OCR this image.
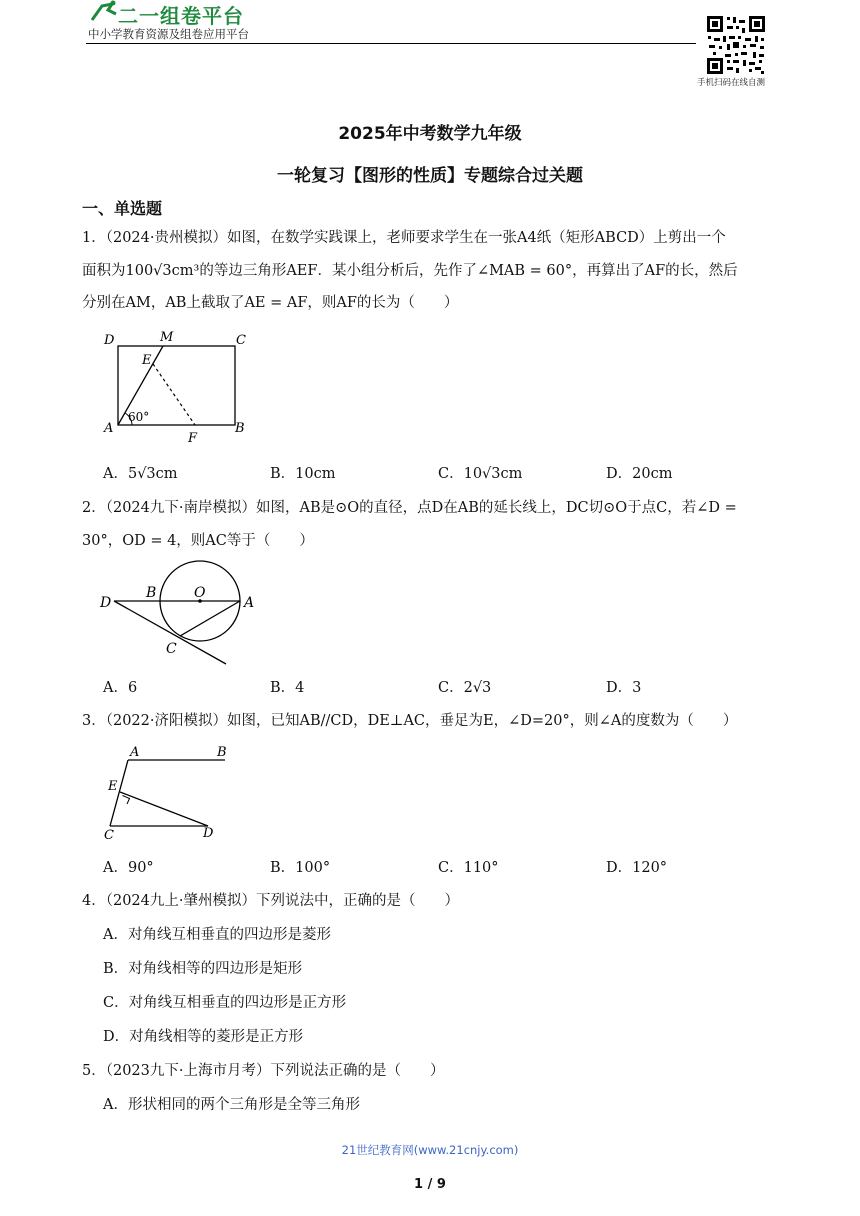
二一组卷平台
中小学教育资源及组卷应用平台
手机扫码在线自测
2025年中考数学九年级
一轮复习【图形的性质】专题综合过关题
一、单选题
1．（2024·贵州模拟）如图，在数学实践课上，老师要求学生在一张A4纸（矩形ABCD）上剪出一个
面积为100√3cm³的等边三角形AEF．某小组分析后，先作了∠MAB = 60°，再算出了AF的长，然后
分别在AM，AB上截取了AE = AF，则AF的长为（　　）
D	M	C
E
A
60°
F
B
A．5√3cm	B．10cm	C．10√3cm	D．20cm
2．（2024九下·南岸模拟）如图，AB是⊙O的直径，点D在AB的延长线上，DC切⊙O于点C，若∠D =
30°，OD = 4，则AC等于（　　）
D
B	O
A
C
A．6	B．4	C．2√3	D．3
3．（2022·济阳模拟）如图，已知AB//CD，DE⊥AC，垂足为E，∠D=20°，则∠A的度数为（　　）
A	B
E
C	D
A．90°	B．100°	C．110°	D．120°
4．（2024九上·肇州模拟）下列说法中，正确的是（　　）
A．对角线互相垂直的四边形是菱形
B．对角线相等的四边形是矩形
C．对角线互相垂直的四边形是正方形
D．对角线相等的菱形是正方形
5．（2023九下·上海市月考）下列说法正确的是（　　）
A．形状相同的两个三角形是全等三角形
21世纪教育网(www.21cnjy.com)
1 / 9
